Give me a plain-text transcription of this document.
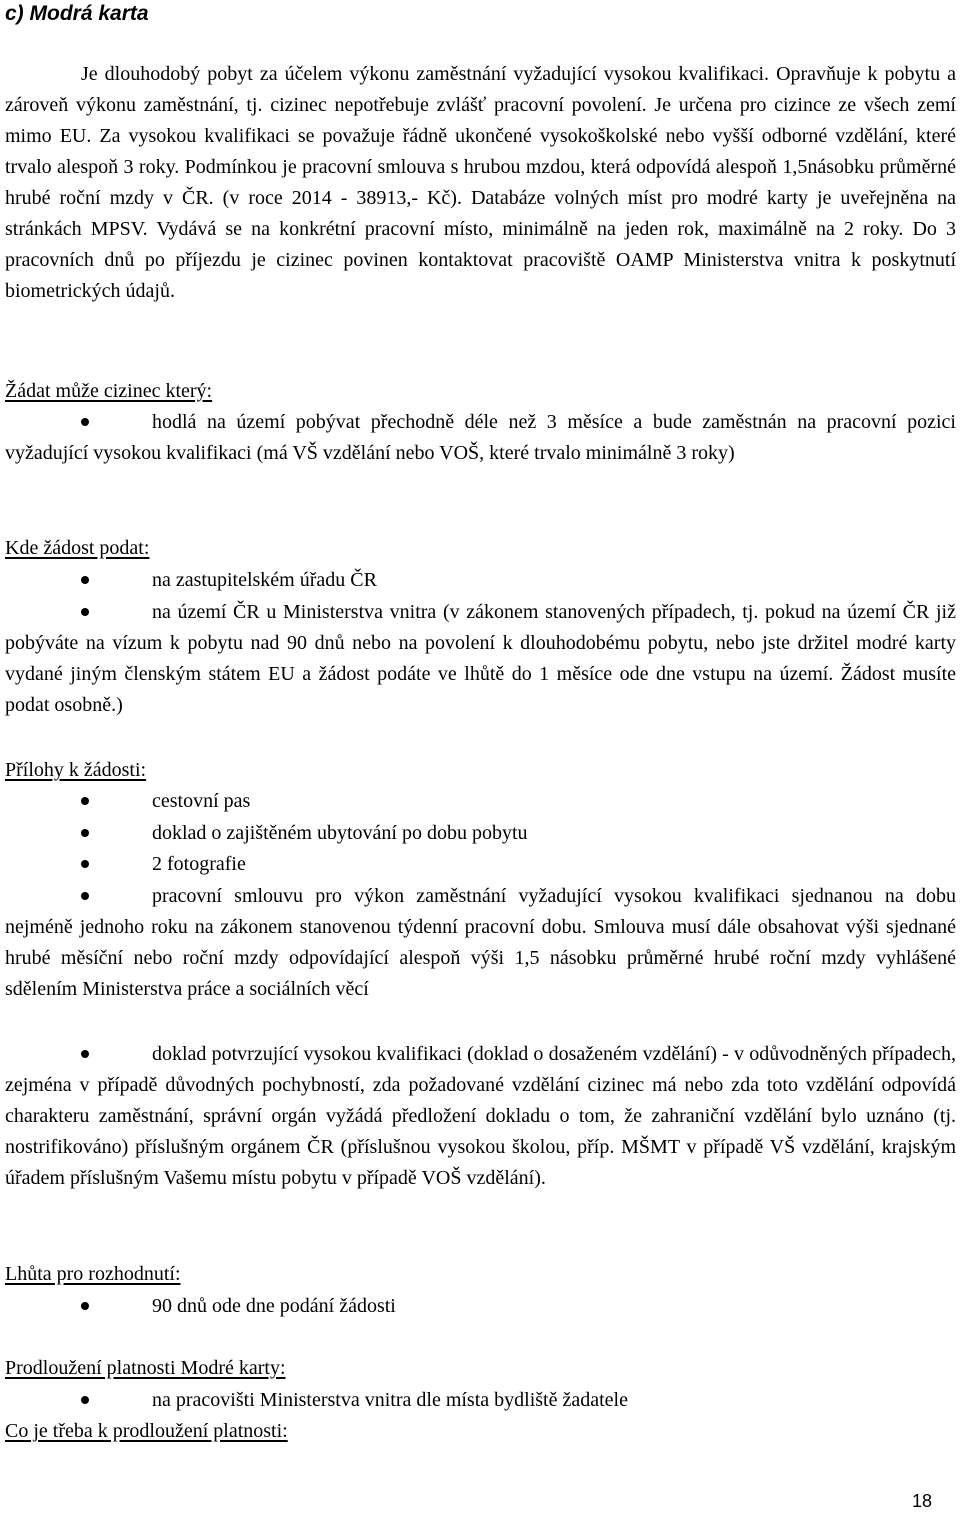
c) Modrá karta

Je dlouhodobý pobyt za účelem výkonu zaměstnání vyžadující vysokou kvalifikaci. Opravňuje k pobytu a zároveň výkonu zaměstnání, tj. cizinec nepotřebuje zvlášť pracovní povolení. Je určena pro cizince ze všech zemí mimo EU. Za vysokou kvalifikaci se považuje řádně ukončené vysokoškolské nebo vyšší odborné vzdělání, které trvalo alespoň 3 roky. Podmínkou je pracovní smlouva s hrubou mzdou, která odpovídá alespoň 1,5násobku průměrné hrubé roční mzdy v ČR. (v roce 2014 - 38913,- Kč). Databáze volných míst pro modré karty je uveřejněna na stránkách MPSV. Vydává se na konkrétní pracovní místo, minimálně na jeden rok, maximálně na 2 roky. Do 3 pracovních dnů po příjezdu je cizinec povinen kontaktovat pracoviště OAMP Ministerstva vnitra k poskytnutí biometrických údajů.

Žádat může cizinec který:

hodlá na území pobývat přechodně déle než 3 měsíce a bude zaměstnán na pracovní pozici vyžadující vysokou kvalifikaci (má VŠ vzdělání nebo VOŠ, které trvalo minimálně 3 roky)

Kde žádost podat:

na zastupitelském úřadu ČR

na území ČR u Ministerstva vnitra (v zákonem stanovených případech, tj. pokud na území ČR již pobýváte na vízum k pobytu nad 90 dnů nebo na povolení k dlouhodobému pobytu, nebo jste držitel modré karty vydané jiným členským státem EU a žádost podáte ve lhůtě do 1 měsíce ode dne vstupu na území. Žádost musíte podat osobně.)

Přílohy k žádosti:

cestovní pas

doklad o zajištěném ubytování po dobu pobytu

2 fotografie

pracovní smlouvu pro výkon zaměstnání vyžadující vysokou kvalifikaci sjednanou na dobu nejméně jednoho roku na zákonem stanovenou týdenní pracovní dobu. Smlouva musí dále obsahovat výši sjednané hrubé měsíční nebo roční mzdy odpovídající alespoň výši 1,5 násobku průměrné hrubé roční mzdy vyhlášené sdělením Ministerstva práce a sociálních věcí

doklad potvrzující vysokou kvalifikaci (doklad o dosaženém vzdělání) - v odůvodněných případech, zejména v případě důvodných pochybností, zda požadované vzdělání cizinec má nebo zda toto vzdělání odpovídá charakteru zaměstnání, správní orgán vyžádá předložení dokladu o tom, že zahraniční vzdělání bylo uznáno (tj. nostrifikováno) příslušným orgánem ČR (příslušnou vysokou školou, příp. MŠMT v případě VŠ vzdělání, krajským úřadem příslušným Vašemu místu pobytu v případě VOŠ vzdělání).

Lhůta pro rozhodnutí:

90 dnů ode dne podání žádosti

Prodloužení platnosti Modré karty:

na pracovišti Ministerstva vnitra dle místa bydliště žadatele

Co je třeba k prodloužení platnosti:

18
